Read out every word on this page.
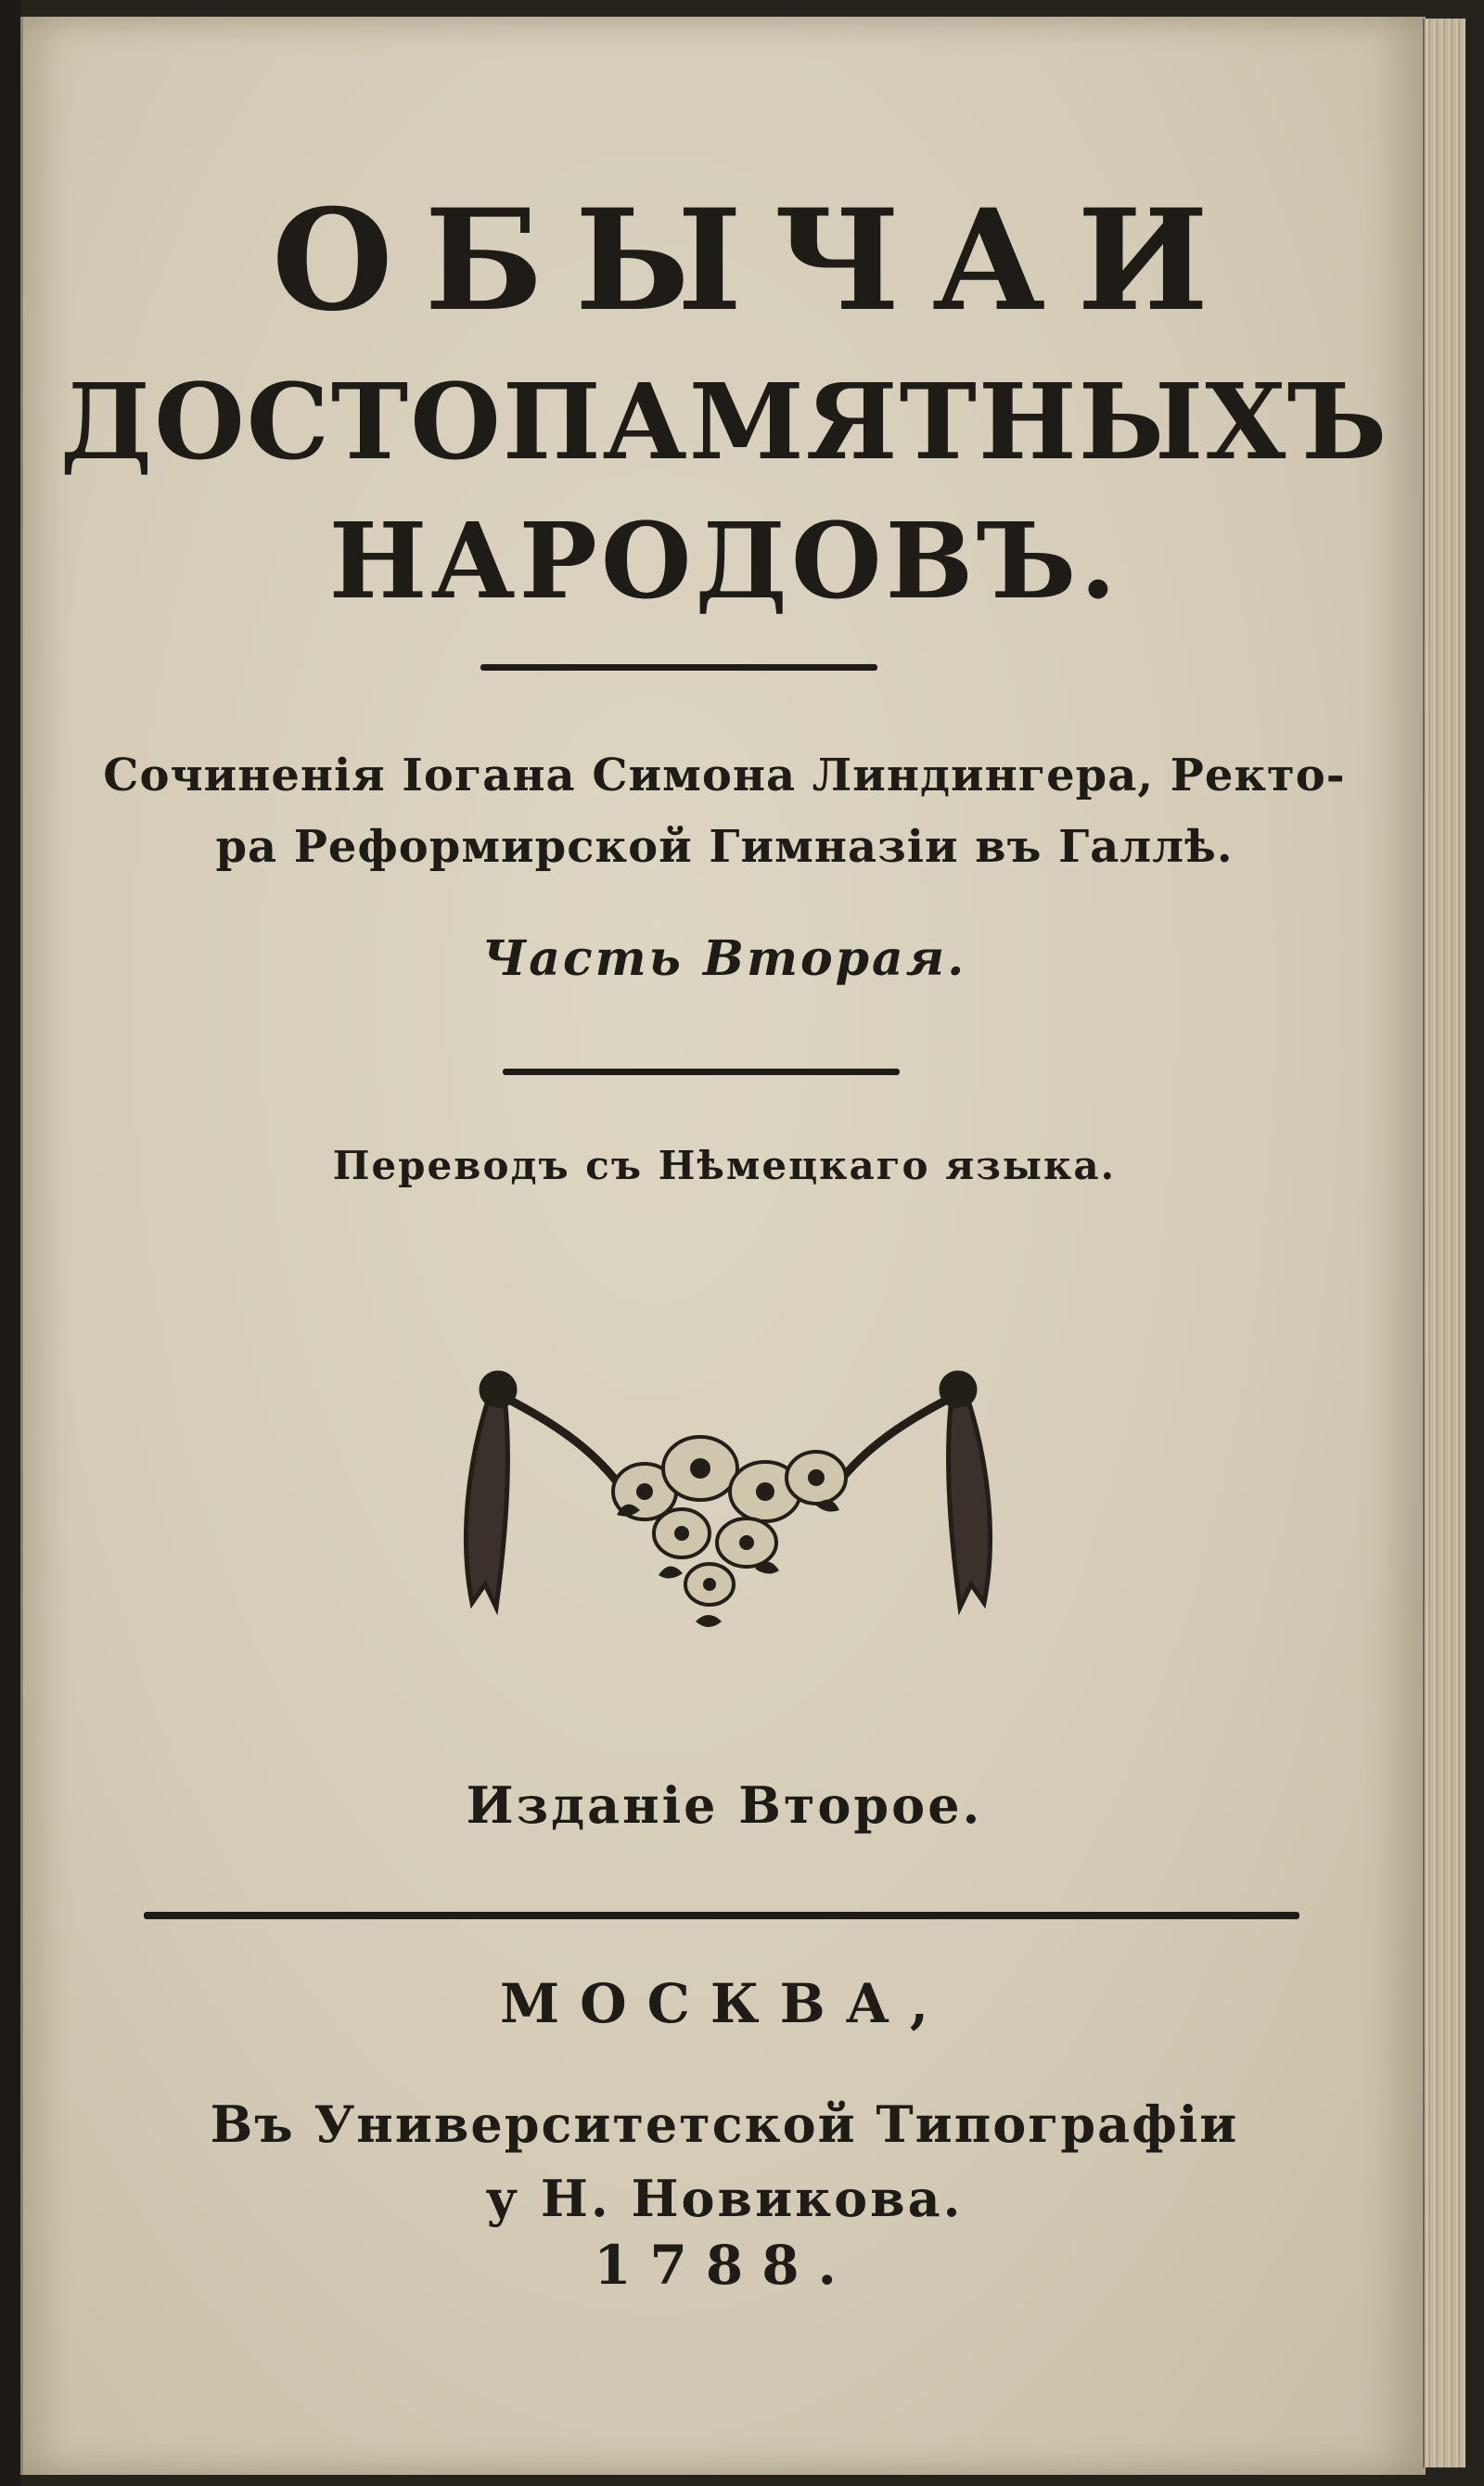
ОБЫЧАИ
ДОСТОПАМЯТНЫХЪ
НАРОДОВЪ.
Сочиненія Іогана Симона Линдингера, Ректо-
ра Реформирской Гимназіи въ Галлѣ.
Часть Вторая.
Переводъ съ Нѣмецкаго языка.
Изданіе Второе.
МОСКВА,
Въ Университетской Типографіи
у Н. Новикова.
1788.
